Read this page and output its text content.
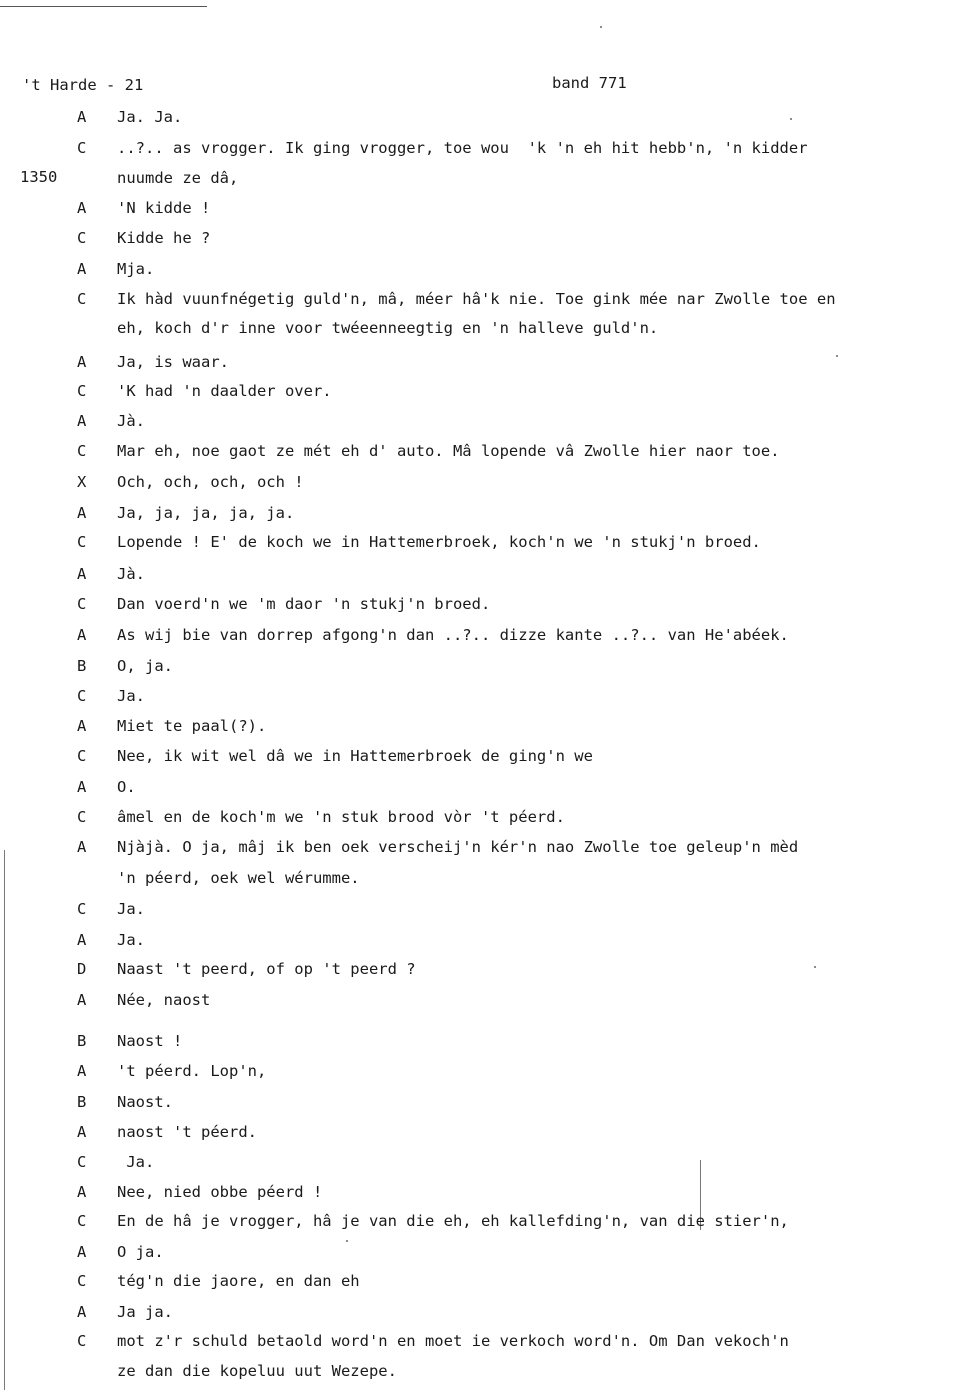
't Harde - 21	band 771
1350
A Ja. Ja.
C ..?.. as vrogger. Ik ging vrogger, toe wou  'k 'n eh hit hebb'n, 'n kidder
nuumde ze dâ,
A 'N kidde !
C Kidde he ?
A Mja.
C Ik hàd vuunfnégetig guld'n, mâ, méer hâ'k nie. Toe gink mée nar Zwolle toe en
eh, koch d'r inne voor twéeenneegtig en 'n halleve guld'n.
A Ja, is waar.
C 'K had 'n daalder over.
A Jà.
C Mar eh, noe gaot ze mét eh d' auto. Mâ lopende vâ Zwolle hier naor toe.
X Och, och, och, och !
A Ja, ja, ja, ja, ja.
C Lopende ! E' de koch we in Hattemerbroek, koch'n we 'n stukj'n broed.
A Jà.
C Dan voerd'n we 'm daor 'n stukj'n broed.
A As wij bie van dorrep afgong'n dan ..?.. dizze kante ..?.. van He'abéek.
B O, ja.
C Ja.
A Miet te paal(?).
C Nee, ik wit wel dâ we in Hattemerbroek de ging'n we
A O.
C âmel en de koch'm we 'n stuk brood vòr 't péerd.
A Njàjà. O ja, mâj ik ben oek verscheij'n kér'n nao Zwolle toe geleup'n mèd
'n péerd, oek wel wérumme.
C Ja.
A Ja.
D Naast 't peerd, of op 't peerd ?
A Née, naost
B Naost !
A 't péerd. Lop'n,
B Naost.
A naost 't péerd.
C Ja.
A Nee, nied obbe péerd !
C En de hâ je vrogger, hâ je van die eh, eh kallefding'n, van die stier'n,
A O ja.
C tég'n die jaore, en dan eh
A Ja ja.
C mot z'r schuld betaold word'n en moet ie verkoch word'n. Om Dan vekoch'n
ze dan die kopeluu uut Wezepe.
